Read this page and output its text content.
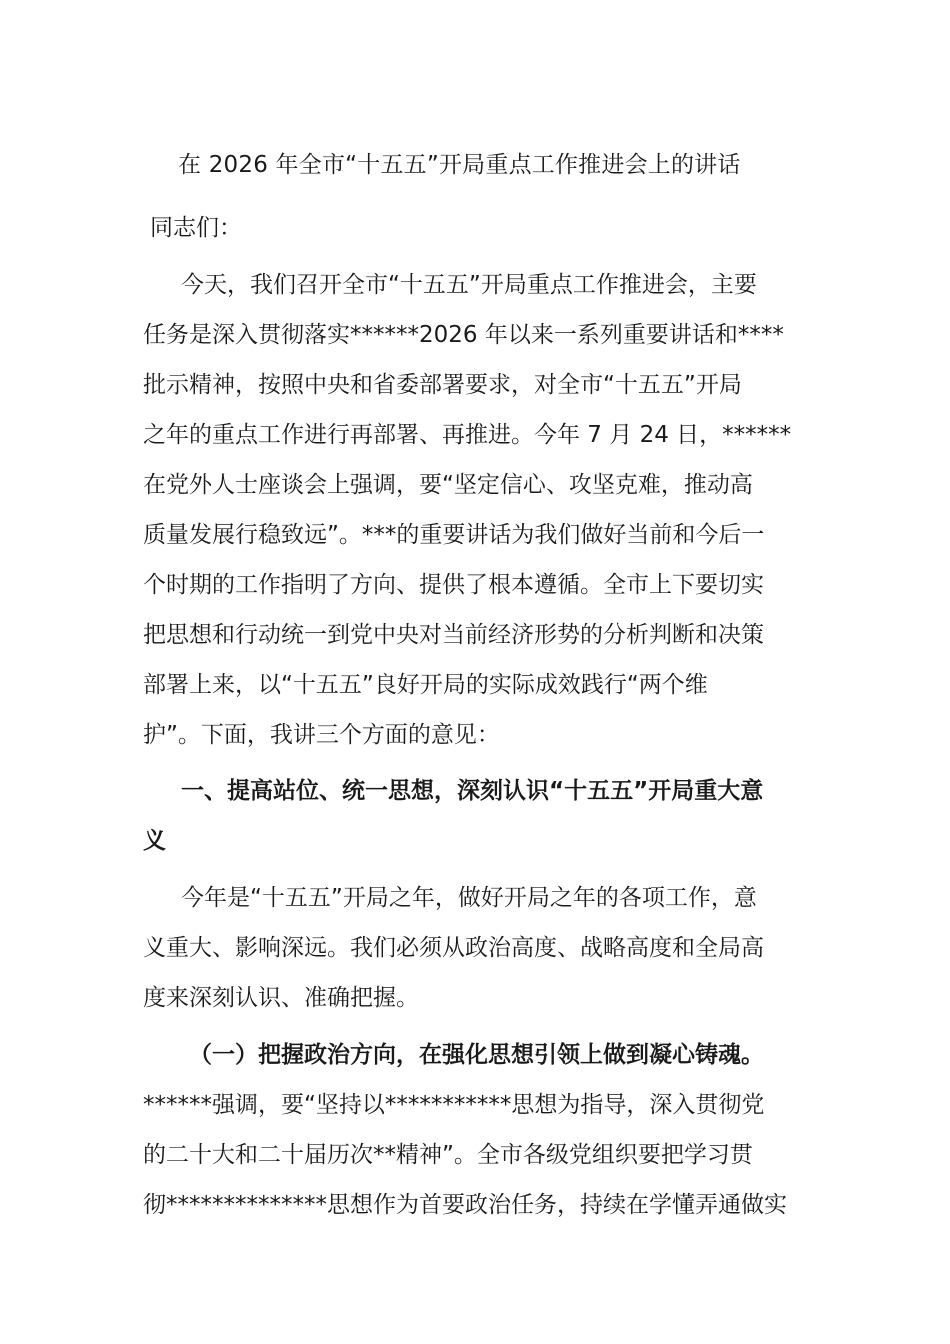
在 2026 年全市“十五五”开局重点工作推进会上的讲话
同志们：
今天，我们召开全市“十五五”开局重点工作推进会，主要
任务是深入贯彻落实******2026 年以来一系列重要讲话和****
批示精神，按照中央和省委部署要求，对全市“十五五”开局
之年的重点工作进行再部署、再推进。今年 7 月 24 日，******
在党外人士座谈会上强调，要“坚定信心、攻坚克难，推动高
质量发展行稳致远”。***的重要讲话为我们做好当前和今后一
个时期的工作指明了方向、提供了根本遵循。全市上下要切实
把思想和行动统一到党中央对当前经济形势的分析判断和决策
部署上来，以“十五五”良好开局的实际成效践行“两个维
护”。下面，我讲三个方面的意见：
一、提高站位、统一思想，深刻认识“十五五”开局重大意
义
今年是“十五五”开局之年，做好开局之年的各项工作，意
义重大、影响深远。我们必须从政治高度、战略高度和全局高
度来深刻认识、准确把握。
（一）把握政治方向，在强化思想引领上做到凝心铸魂。
******强调，要“坚持以***********思想为指导，深入贯彻党
的二十大和二十届历次**精神”。全市各级党组织要把学习贯
彻**************思想作为首要政治任务，持续在学懂弄通做实
